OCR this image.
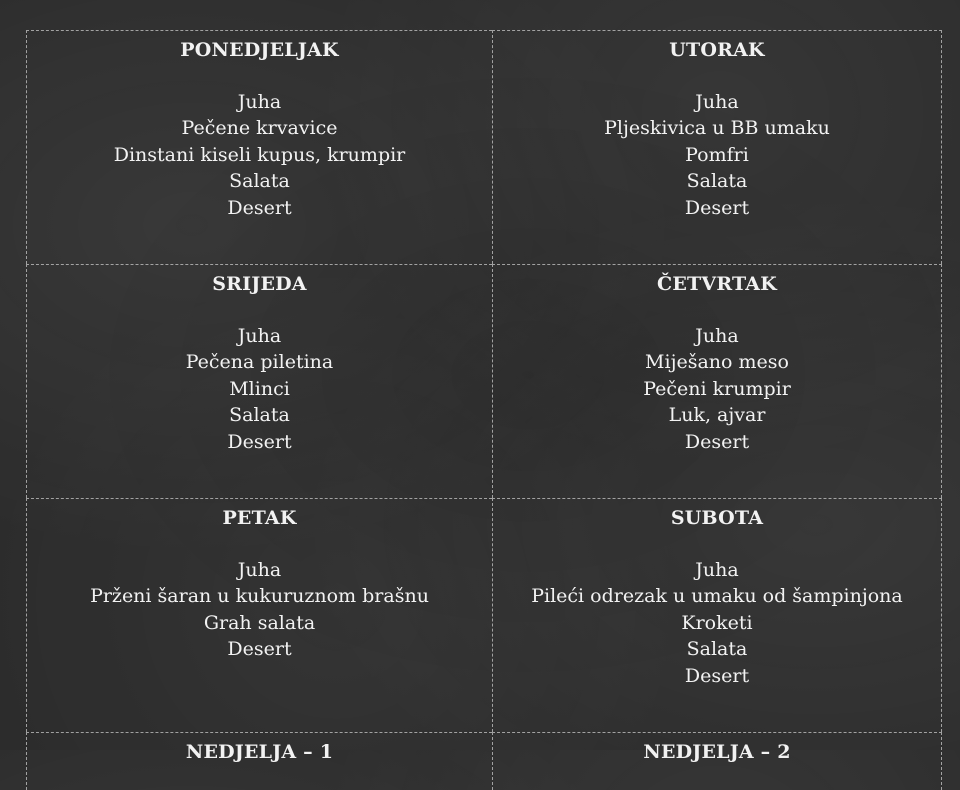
PONEDJELJAK
Juha
Pečene krvavice
Dinstani kiseli kupus, krumpir
Salata
Desert
UTORAK
Juha
Pljeskivica u BB umaku
Pomfri
Salata
Desert
SRIJEDA
Juha
Pečena piletina
Mlinci
Salata
Desert
ČETVRTAK
Juha
Miješano meso
Pečeni krumpir
Luk, ajvar
Desert
PETAK
Juha
Prženi šaran u kukuruznom brašnu
Grah salata
Desert
SUBOTA
Juha
Pileći odrezak u umaku od šampinjona
Kroketi
Salata
Desert
NEDJELJA – 1	NEDJELJA – 2
